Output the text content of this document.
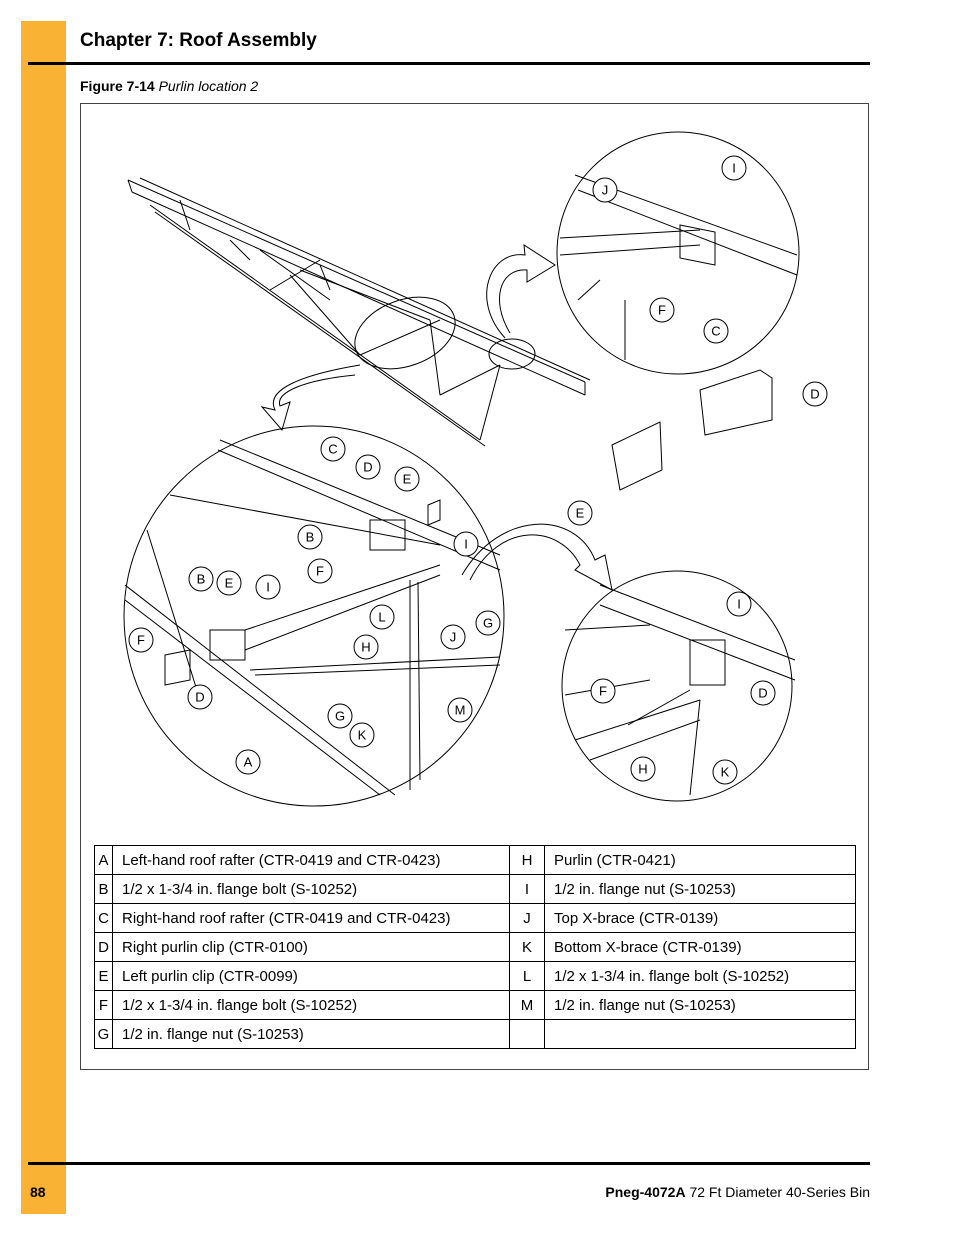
Chapter 7: Roof Assembly
Figure 7-14 Purlin location 2
C
D
E
B	I
F
B E	I
L	G
F	J
H
D
G	M
K
A
I
J
F
C
D
E
I
F	D
H	K
A	Left-hand roof rafter (CTR-0419 and CTR-0423)	H	Purlin (CTR-0421)
B	1/2 x 1-3/4 in. flange bolt (S-10252)	I	1/2 in. flange nut (S-10253)
C	Right-hand roof rafter (CTR-0419 and CTR-0423)	J	Top X-brace (CTR-0139)
D	Right purlin clip (CTR-0100)	K	Bottom X-brace (CTR-0139)
E	Left purlin clip (CTR-0099)	L	1/2 x 1-3/4 in. flange bolt (S-10252)
F	1/2 x 1-3/4 in. flange bolt (S-10252)	M	1/2 in. flange nut (S-10253)
G	1/2 in. flange nut (S-10253)		
88	Pneg-4072A 72 Ft Diameter 40-Series Bin
